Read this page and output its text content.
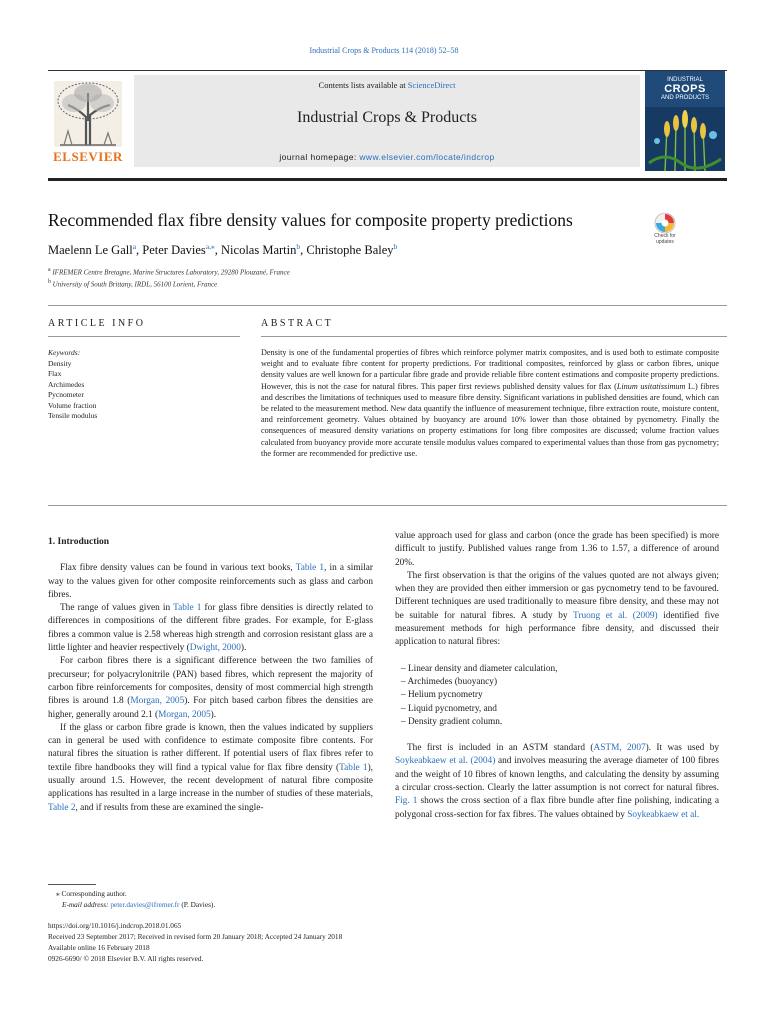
Industrial Crops & Products 114 (2018) 52–58
ELSEVIER
Contents lists available at ScienceDirect
Industrial Crops & Products
journal homepage: www.elsevier.com/locate/indcrop
INDUSTRIAL
CROPS
AND PRODUCTS
Recommended flax fibre density values for composite property predictions
Check for updates
Maelenn Le Gall$^a$, Peter Davies$^{a,⁎}$, Nicolas Martin$^b$, Christophe Baley$^b$
$^a$ IFREMER Centre Bretagne, Marine Structures Laboratory, 29280 Plouzané, France
$^b$ University of South Brittany, IRDL, 56100 Lorient, France
ARTICLE INFO	ABSTRACT
Keywords:
Density
Flax
Archimedes
Pycnometer
Volume fraction
Tensile modulus
Density is one of the fundamental properties of fibres which reinforce polymer matrix composites, and is used both to estimate composite weight and to evaluate fibre content for property predictions. For traditional composites, reinforced by glass or carbon fibres, unique density values are well known for a particular fibre grade and provide reliable fibre content estimations and composite property predictions. However, this is not the case for natural fibres. This paper first reviews published density values for flax (Linum usitatissimum L.) fibres and describes the limitations of techniques used to measure fibre density. Significant variations in published densities are found, which can be related to the measurement method. New data quantify the influence of measurement technique, fibre extraction route, moisture content, and reinforcement geometry. Values obtained by buoyancy are around 10% lower than those obtained by pycnometry. Finally the consequences of measured density variations on property estimations for long fibre composites are discussed; volume fraction values calculated from buoyancy provide more accurate tensile modulus values compared to experimental values than those from gas pycnometry; the former are recommended for predictive use.
1. Introduction

Flax fibre density values can be found in various text books, Table 1, in a similar way to the values given for other composite reinforcements such as glass and carbon fibres.

The range of values given in Table 1 for glass fibre densities is directly related to differences in compositions of the different fibre grades. For example, for E-glass fibres a common value is 2.58 whereas high strength and corrosion resistant glass are a little lighter and heavier respectively (Dwight, 2000).

For carbon fibres there is a significant difference between the two families of precurseur; for polyacrylonitrile (PAN) based fibres, which represent the majority of carbon fibre reinforcements for composites, density of most commercial high strength fibres is around 1.8 (Morgan, 2005). For pitch based carbon fibres the densities are higher, generally around 2.1 (Morgan, 2005).

If the glass or carbon fibre grade is known, then the values indicated by suppliers can in general be used with confidence to estimate composite fibre contents. For natural fibres the situation is rather different. If potential users of flax fibres refer to textile fibre handbooks they will find a typical value for flax fibre density (Table 1), usually around 1.5. However, the recent development of natural fibre composite applications has resulted in a large increase in the number of studies of these materials, Table 2, and if results from these are examined the single-

value approach used for glass and carbon (once the grade has been specified) is more difficult to justify. Published values range from 1.36 to 1.57, a difference of around 20%.

The first observation is that the origins of the values quoted are not always given; when they are provided then either immersion or gas pycnometry tend to be favoured. Different techniques are used traditionally to measure fibre density, and these may not be suitable for natural fibres. A study by Truong et al. (2009) identified five measurement methods for high performance fibre density, and discussed their application to natural fibres:

– Linear density and diameter calculation,
– Archimedes (buoyancy)
– Helium pycnometry
– Liquid pycnometry, and
– Density gradient column.

The first is included in an ASTM standard (ASTM, 2007). It was used by Soykeabkaew et al. (2004) and involves measuring the average diameter of 100 fibres and the weight of 10 fibres of known lengths, and calculating the density by assuming a circular cross-section. Clearly the latter assumption is not correct for natural fibres. Fig. 1 shows the cross section of a flax fibre bundle after fine polishing, indicating a polygonal cross-section for fax fibres. The values obtained by Soykeabkaew et al.

⁎ Corresponding author.
E-mail address: peter.davies@ifremer.fr (P. Davies).
https://doi.org/10.1016/j.indcrop.2018.01.065
Received 23 September 2017; Received in revised form 20 January 2018; Accepted 24 January 2018
Available online 16 February 2018
0926-6690/ © 2018 Elsevier B.V. All rights reserved.
